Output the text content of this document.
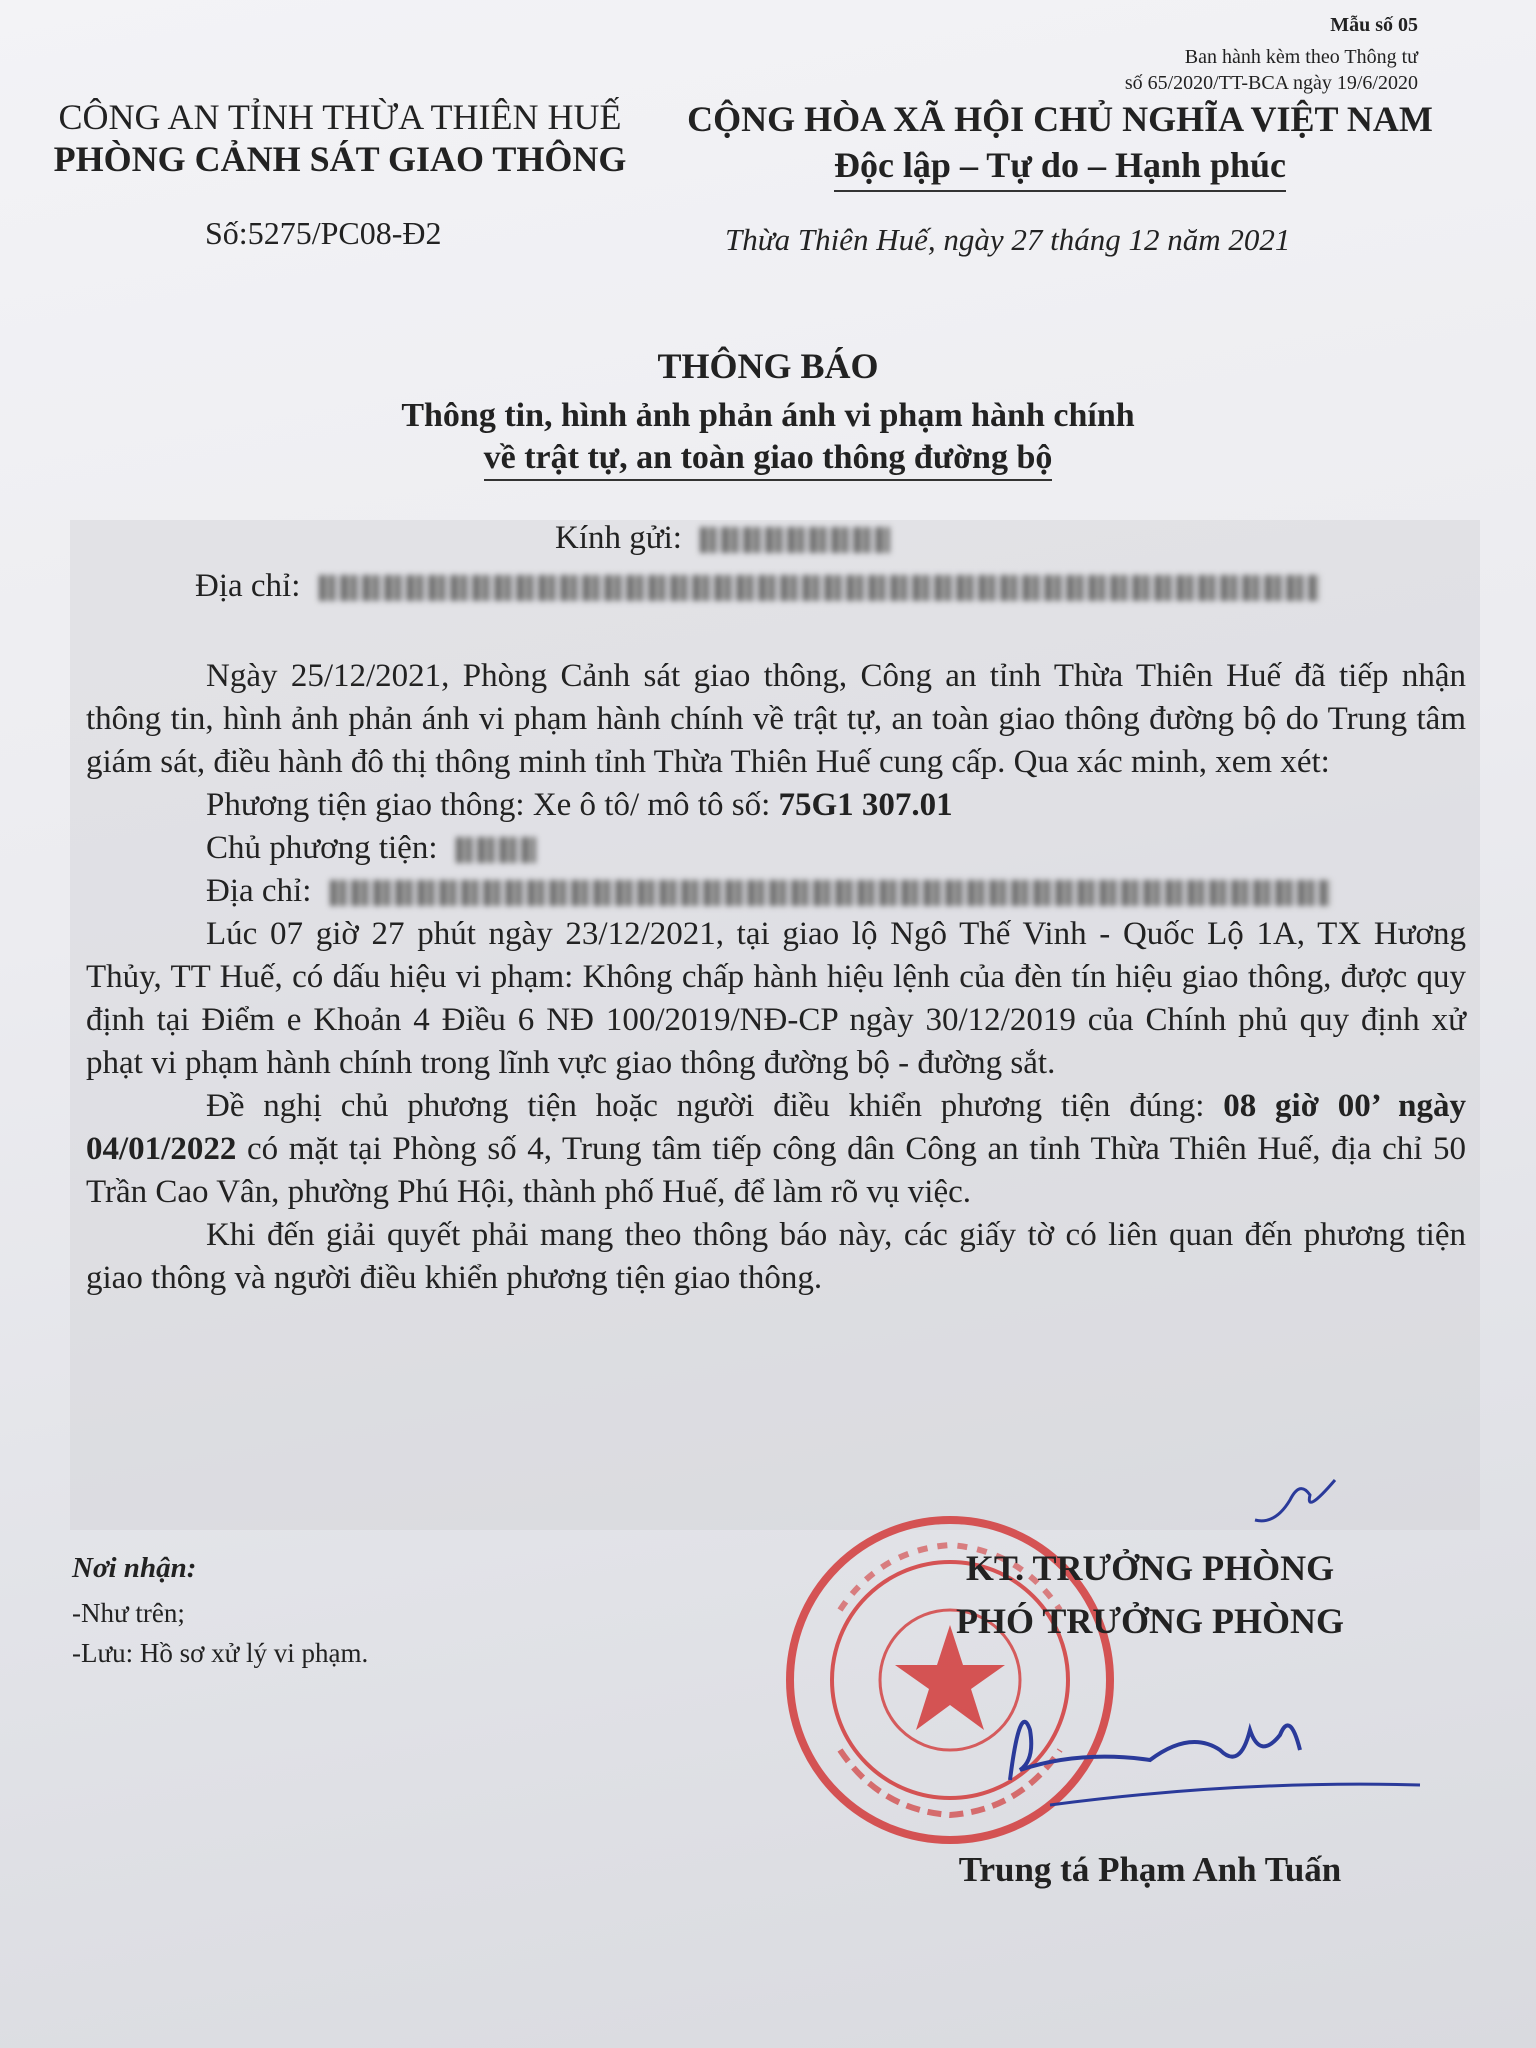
Mẫu số 05
Ban hành kèm theo Thông tư
số 65/2020/TT-BCA ngày 19/6/2020
CÔNG AN TỈNH THỪA THIÊN HUẾ
PHÒNG CẢNH SÁT GIAO THÔNG
CỘNG HÒA XÃ HỘI CHỦ NGHĨA VIỆT NAM
Độc lập – Tự do – Hạnh phúc
Số:5275/PC08-Đ2	Thừa Thiên Huế, ngày 27 tháng 12 năm 2021
THÔNG BÁO
Thông tin, hình ảnh phản ánh vi phạm hành chính
về trật tự, an toàn giao thông đường bộ
Kính gửi:
Địa chỉ:

Ngày 25/12/2021, Phòng Cảnh sát giao thông, Công an tỉnh Thừa Thiên Huế đã tiếp nhận thông tin, hình ảnh phản ánh vi phạm hành chính về trật tự, an toàn giao thông đường bộ do Trung tâm giám sát, điều hành đô thị thông minh tỉnh Thừa Thiên Huế cung cấp. Qua xác minh, xem xét:

Phương tiện giao thông: Xe ô tô/ mô tô số: 75G1 307.01

Chủ phương tiện:

Địa chỉ:

Lúc 07 giờ 27 phút ngày 23/12/2021, tại giao lộ Ngô Thế Vinh - Quốc Lộ 1A, TX Hương Thủy, TT Huế, có dấu hiệu vi phạm: Không chấp hành hiệu lệnh của đèn tín hiệu giao thông, được quy định tại Điểm e Khoản 4 Điều 6 NĐ 100/2019/NĐ-CP ngày 30/12/2019 của Chính phủ quy định xử phạt vi phạm hành chính trong lĩnh vực giao thông đường bộ - đường sắt.

Đề nghị chủ phương tiện hoặc người điều khiển phương tiện đúng: 08 giờ 00’ ngày 04/01/2022 có mặt tại Phòng số 4, Trung tâm tiếp công dân Công an tỉnh Thừa Thiên Huế, địa chỉ 50 Trần Cao Vân, phường Phú Hội, thành phố Huế, để làm rõ vụ việc.

Khi đến giải quyết phải mang theo thông báo này, các giấy tờ có liên quan đến phương tiện giao thông và người điều khiển phương tiện giao thông.

Nơi nhận:
-Như trên;
-Lưu: Hồ sơ xử lý vi phạm.
KT. TRƯỞNG PHÒNG
PHÓ TRƯỞNG PHÒNG
Trung tá Phạm Anh Tuấn
